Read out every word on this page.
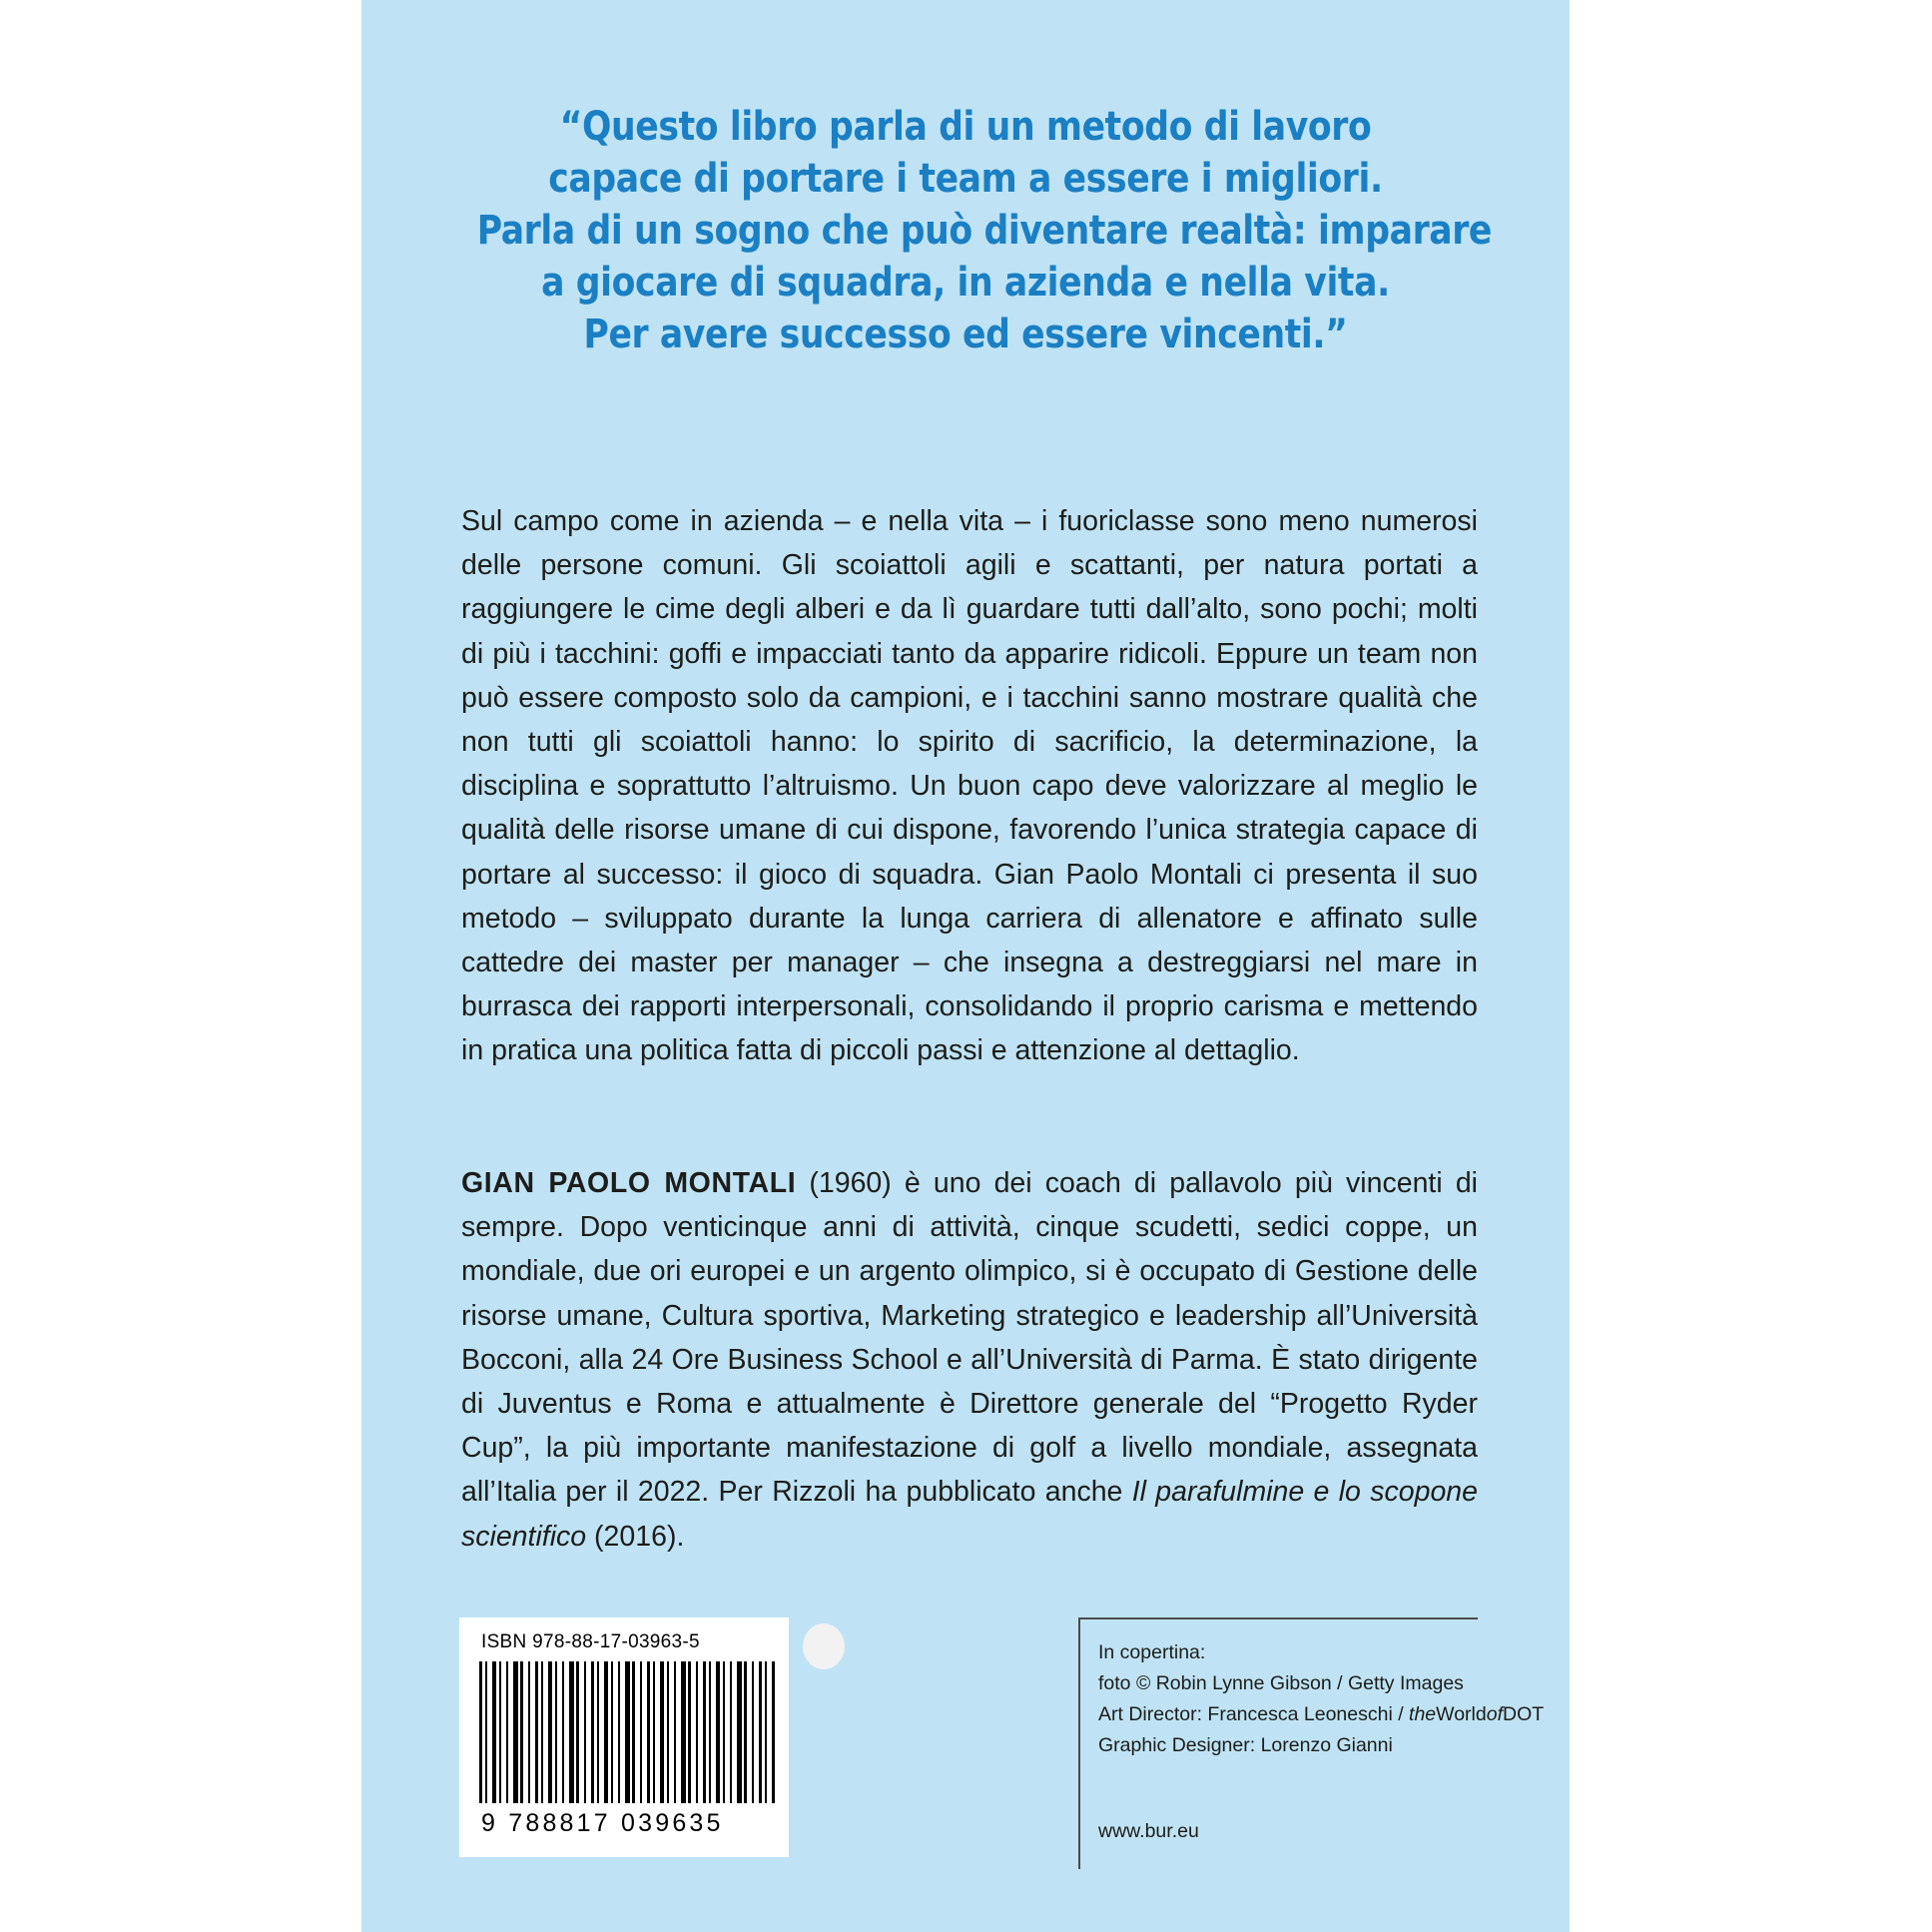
“Questo libro parla di un metodo di lavoro
capace di portare i team a essere i migliori.
Parla di un sogno che può diventare realtà: imparare
a giocare di squadra, in azienda e nella vita.
Per avere successo ed essere vincenti.”
Sul campo come in azienda – e nella vita – i fuoriclasse sono meno numerosi delle persone comuni. Gli scoiattoli agili e scattanti, per natura portati a raggiungere le cime degli alberi e da lì guardare tutti dall’alto, sono pochi; molti di più i tacchini: goffi e impacciati tanto da apparire ridicoli. Eppure un team non può essere composto solo da campioni, e i tacchini sanno mostrare qualità che non tutti gli scoiattoli hanno: lo spirito di sacrificio, la determinazione, la disciplina e soprattutto l’altruismo. Un buon capo deve valorizzare al meglio le qualità delle risorse umane di cui dispone, favorendo l’unica strategia capace di portare al successo: il gioco di squadra. Gian Paolo Montali ci presenta il suo metodo – sviluppato durante la lunga carriera di allenatore e affinato sulle cattedre dei master per manager – che insegna a destreggiarsi nel mare in burrasca dei rapporti interpersonali, consolidando il proprio carisma e mettendo in pratica una politica fatta di piccoli passi e attenzione al dettaglio.
GIAN PAOLO MONTALI (1960) è uno dei coach di pallavolo più vincenti di sempre. Dopo venticinque anni di attività, cinque scudetti, sedici coppe, un mondiale, due ori europei e un argento olimpico, si è occupato di Gestione delle risorse umane, Cultura sportiva, Marketing strategico e leadership all’Università Bocconi, alla 24 Ore Business School e all’Università di Parma. È stato dirigente di Juventus e Roma e attualmente è Direttore generale del “Progetto Ryder Cup”, la più importante manifestazione di golf a livello mondiale, assegnata all’Italia per il 2022. Per Rizzoli ha pubblicato anche Il parafulmine e lo scopone scientifico (2016).
ISBN 978-88-17-03963-5
9 788817 039635
In copertina:
foto © Robin Lynne Gibson / Getty Images
Art Director: Francesca Leoneschi / theWorldofDOT
Graphic Designer: Lorenzo Gianni
www.bur.eu
